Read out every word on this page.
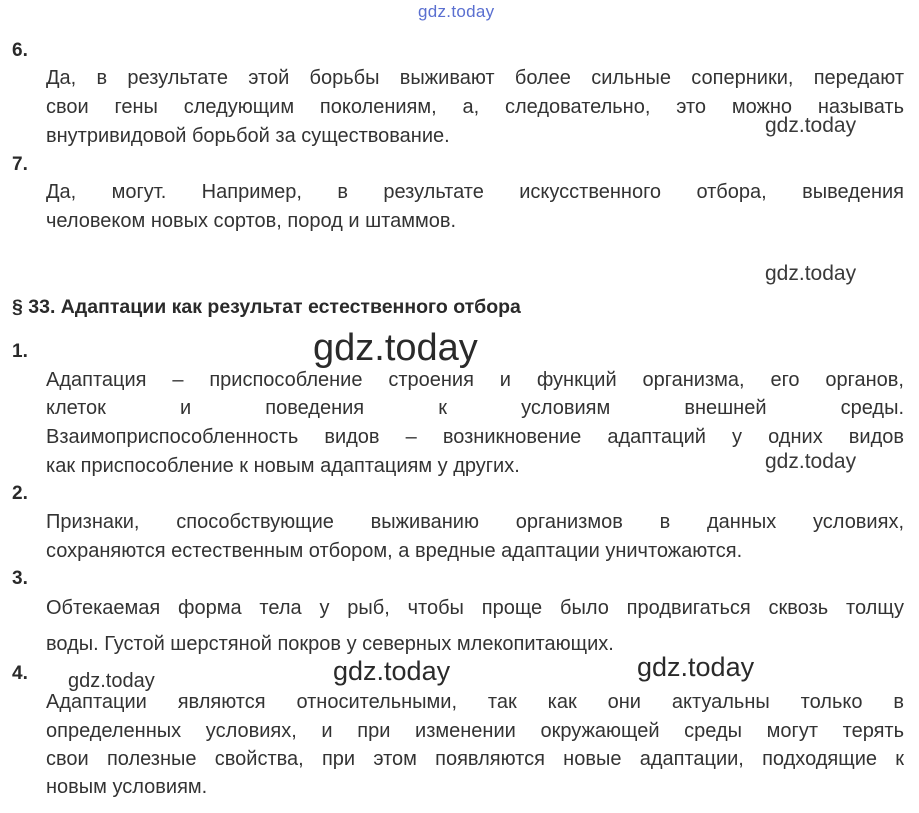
gdz.today
gdz.today
gdz.today
gdz.today
gdz.today
gdz.today	gdz.today	gdz.today
6.
Да, в результате этой борьбы выживают более сильные соперники, передают
свои гены следующим поколениям, а, следовательно, это можно называть
внутривидовой борьбой за существование.
7.
Да, могут. Например, в результате искусственного отбора, выведения
человеком новых сортов, пород и штаммов.
§ 33. Адаптации как результат естественного отбора
1.
Адаптация – приспособление строения и функций организма, его органов,
клеток и поведения к условиям внешней среды.
Взаимоприспособленность видов – возникновение адаптаций у одних видов
как приспособление к новым адаптациям у других.
2.
Признаки, способствующие выживанию организмов в данных условиях,
сохраняются естественным отбором, а вредные адаптации уничтожаются.
3.
Обтекаемая форма тела у рыб, чтобы проще было продвигаться сквозь толщу
воды. Густой шерстяной покров у северных млекопитающих.
4.
Адаптации являются относительными, так как они актуальны только в
определенных условиях, и при изменении окружающей среды могут терять
свои полезные свойства, при этом появляются новые адаптации, подходящие к
новым условиям.
